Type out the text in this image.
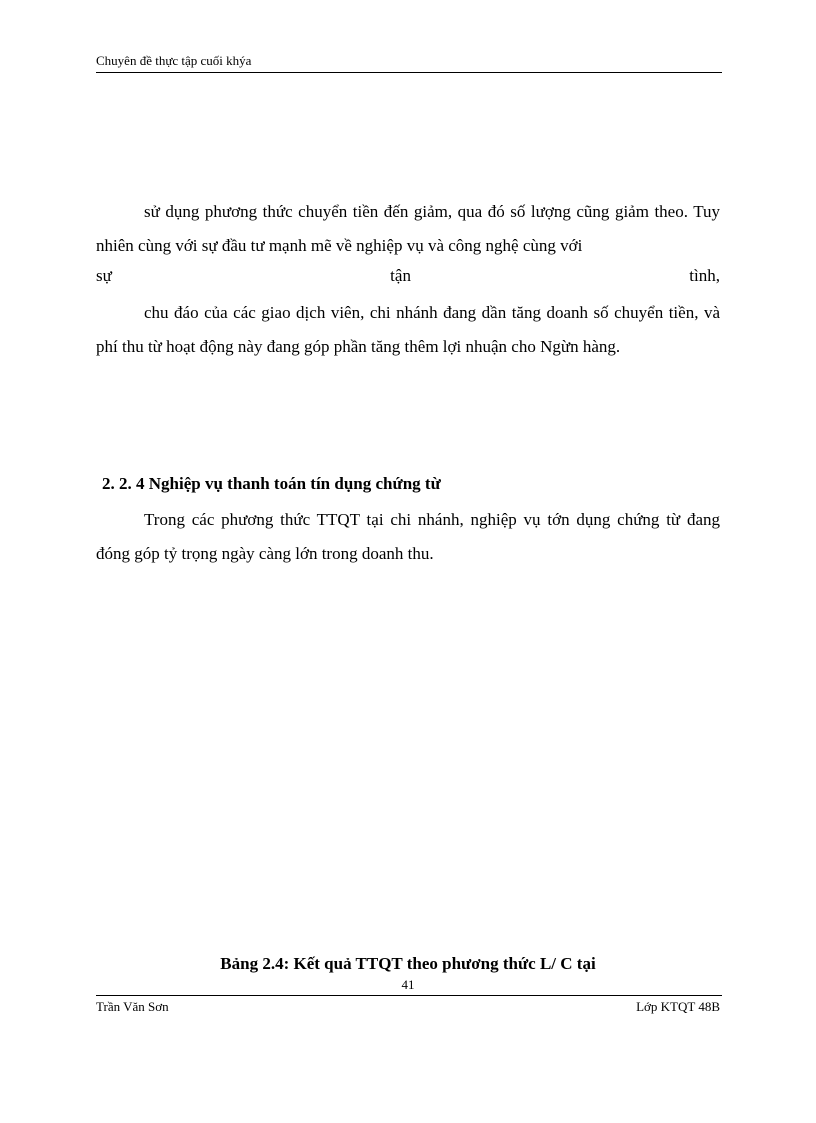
Chuyên đề thực tập cuối khýa

sử dụng phương thức chuyển tiền đến giảm, qua đó số lượng cũng giảm theo. Tuy nhiên cùng với sự đầu tư mạnh mẽ về nghiệp vụ và công nghệ cùng với

sự	tận	tình,

chu đáo của các giao dịch viên, chi nhánh đang dần tăng doanh số chuyển tiền, và phí thu từ hoạt động này đang góp phần tăng thêm lợi nhuận cho Ngừn hàng.

2. 2. 4 Nghiệp vụ thanh toán tín dụng chứng từ

Trong các phương thức TTQT tại chi nhánh, nghiệp vụ tớn dụng chứng từ đang đóng góp tỷ trọng ngày càng lớn trong doanh thu.

Bảng 2.4: Kết quả TTQT theo phương thức L/ C tại
41
Trần Văn Sơn	Lớp KTQT 48B
